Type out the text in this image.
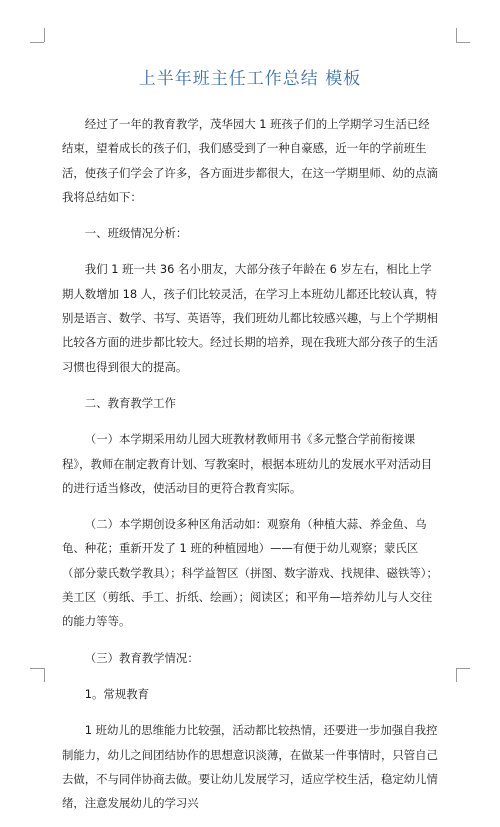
上半年班主任工作总结 模板

经过了一年的教育教学，茂华园大 1 班孩子们的上学期学习生活已经结束，望着成长的孩子们，我们感受到了一种自豪感，近一年的学前班生活，使孩子们学会了许多，各方面进步都很大，在这一学期里师、幼的点滴我将总结如下：

一、班级情况分析：

我们 1 班一共 36 名小朋友，大部分孩子年龄在 6 岁左右，相比上学期人数增加 18 人，孩子们比较灵活，在学习上本班幼儿都还比较认真，特别是语言、数学、书写、英语等，我们班幼儿都比较感兴趣，与上个学期相比较各方面的进步都比较大。经过长期的培养，现在我班大部分孩子的生活习惯也得到很大的提高。

二、教育教学工作

（一）本学期采用幼儿园大班教材教师用书《多元整合学前衔接课程》，教师在制定教育计划、写教案时，根据本班幼儿的发展水平对活动目的进行适当修改，使活动目的更符合教育实际。

（二）本学期创设多种区角活动如：观察角（种植大蒜、养金鱼、乌龟、种花；重新开发了 1 班的种植园地）——有便于幼儿观察；蒙氏区（部分蒙氏数学教具）；科学益智区（拼图、数字游戏、找规律、磁铁等）；美工区（剪纸、手工、折纸、绘画）；阅读区；和平角—培养幼儿与人交往的能力等等。

（三）教育教学情况：

1。常规教育

1 班幼儿的思维能力比较强，活动都比较热情，还要进一步加强自我控制能力，幼儿之间团结协作的思想意识淡薄，在做某一件事情时，只管自己去做，不与同伴协商去做。要让幼儿发展学习，适应学校生活，稳定幼儿情绪，注意发展幼儿的学习兴
